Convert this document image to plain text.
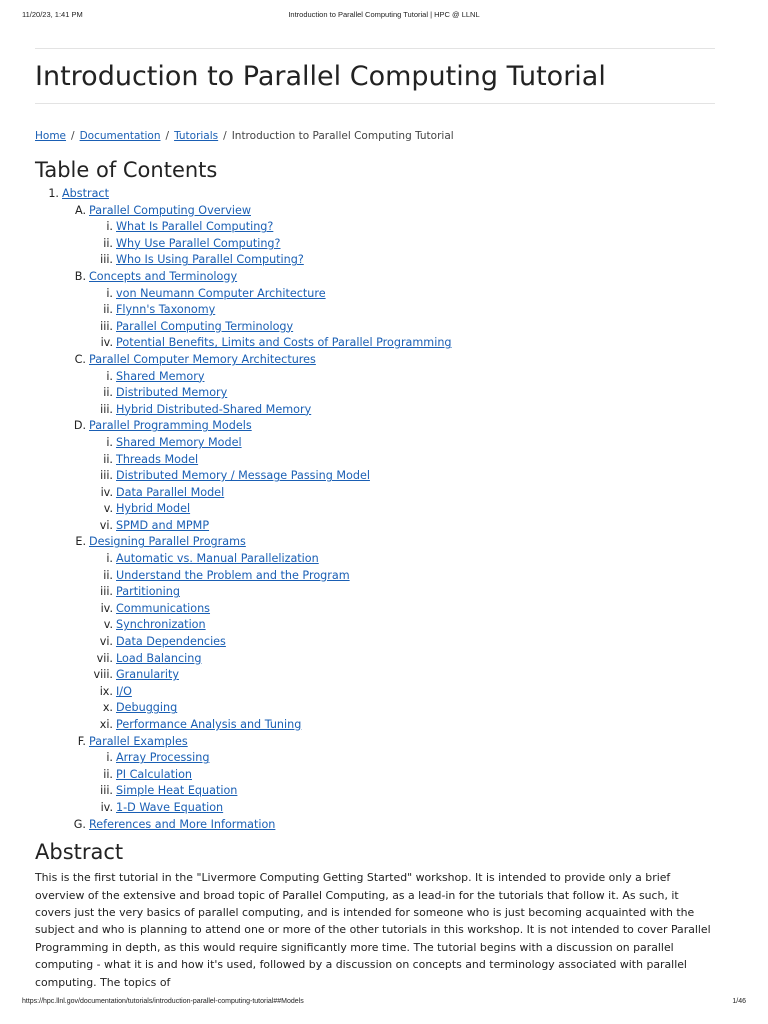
11/20/23, 1:41 PM	Introduction to Parallel Computing Tutorial | HPC @ LLNL
Introduction to Parallel Computing Tutorial
Home / Documentation / Tutorials / Introduction to Parallel Computing Tutorial
Table of Contents
1. Abstract
A. Parallel Computing Overview
i. What Is Parallel Computing?
ii. Why Use Parallel Computing?
iii. Who Is Using Parallel Computing?
B. Concepts and Terminology
i. von Neumann Computer Architecture
ii. Flynn's Taxonomy
iii. Parallel Computing Terminology
iv. Potential Benefits, Limits and Costs of Parallel Programming
C. Parallel Computer Memory Architectures
i. Shared Memory
ii. Distributed Memory
iii. Hybrid Distributed-Shared Memory
D. Parallel Programming Models
i. Shared Memory Model
ii. Threads Model
iii. Distributed Memory / Message Passing Model
iv. Data Parallel Model
v. Hybrid Model
vi. SPMD and MPMP
E. Designing Parallel Programs
i. Automatic vs. Manual Parallelization
ii. Understand the Problem and the Program
iii. Partitioning
iv. Communications
v. Synchronization
vi. Data Dependencies
vii. Load Balancing
viii. Granularity
ix. I/O
x. Debugging
xi. Performance Analysis and Tuning
F. Parallel Examples
i. Array Processing
ii. PI Calculation
iii. Simple Heat Equation
iv. 1-D Wave Equation
G. References and More Information
Abstract

This is the first tutorial in the "Livermore Computing Getting Started" workshop. It is intended to provide only a brief overview of the extensive and broad topic of Parallel Computing, as a lead-in for the tutorials that follow it. As such, it covers just the very basics of parallel computing, and is intended for someone who is just becoming acquainted with the subject and who is planning to attend one or more of the other tutorials in this workshop. It is not intended to cover Parallel Programming in depth, as this would require significantly more time. The tutorial begins with a discussion on parallel computing - what it is and how it's used, followed by a discussion on concepts and terminology associated with parallel computing. The topics of

https://hpc.llnl.gov/documentation/tutorials/introduction-parallel-computing-tutorial##Models	1/46
